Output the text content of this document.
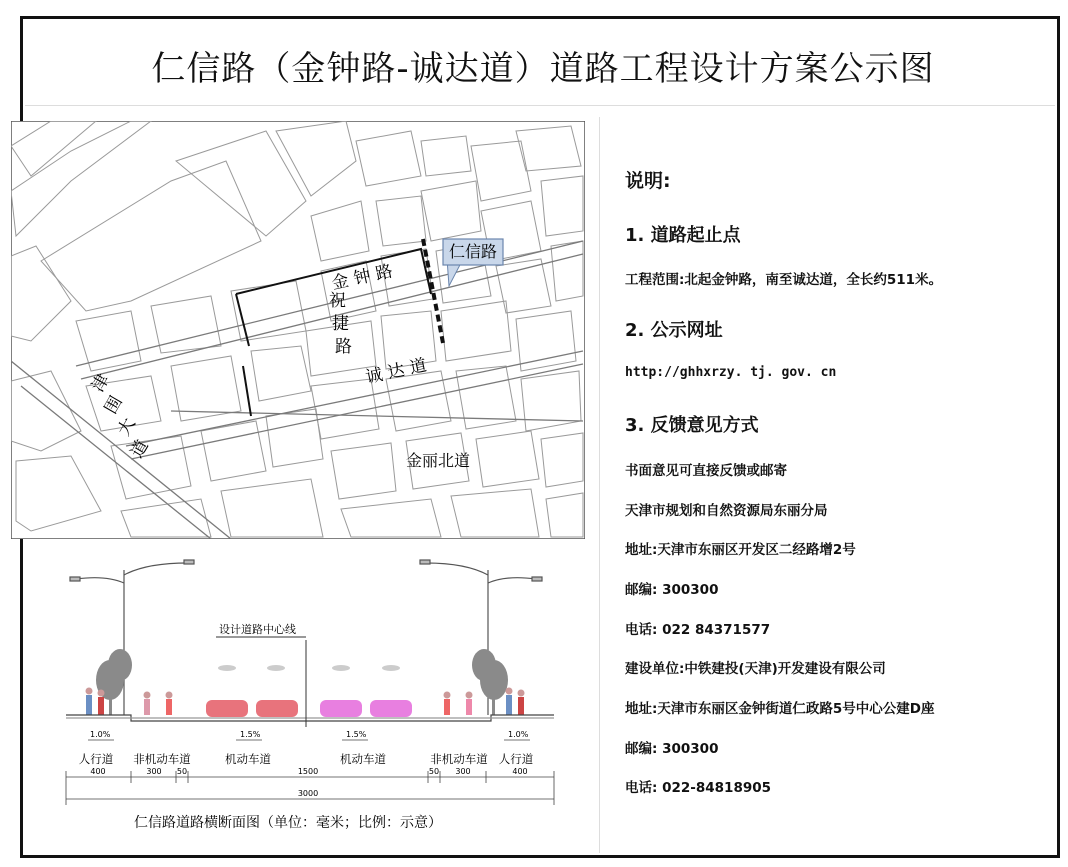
仁信路（金钟路-诚达道）道路工程设计方案公示图
仁信路
金 钟 路
祝
捷
路
诚 达 道
津
围
大
道	金丽北道
设计道路中心线
1.0%	1.5%	1.5%	1.0%
人行道 非机动车道	机动车道	机动车道	非机动车道 人行道
400	300 50	1500	50 300	400
3000
仁信路道路横断面图（单位：毫米；比例：示意）
说明:
1. 道路起止点
工程范围:北起金钟路，南至诚达道，全长约511米。
2. 公示网址
http://ghhxrzy. tj. gov. cn
3. 反馈意见方式
书面意见可直接反馈或邮寄
天津市规划和自然资源局东丽分局
地址:天津市东丽区开发区二经路增2号
邮编: 300300
电话: 022 84371577
建设单位:中铁建投(天津)开发建设有限公司
地址:天津市东丽区金钟街道仁政路5号中心公建D座
邮编: 300300
电话: 022-84818905
